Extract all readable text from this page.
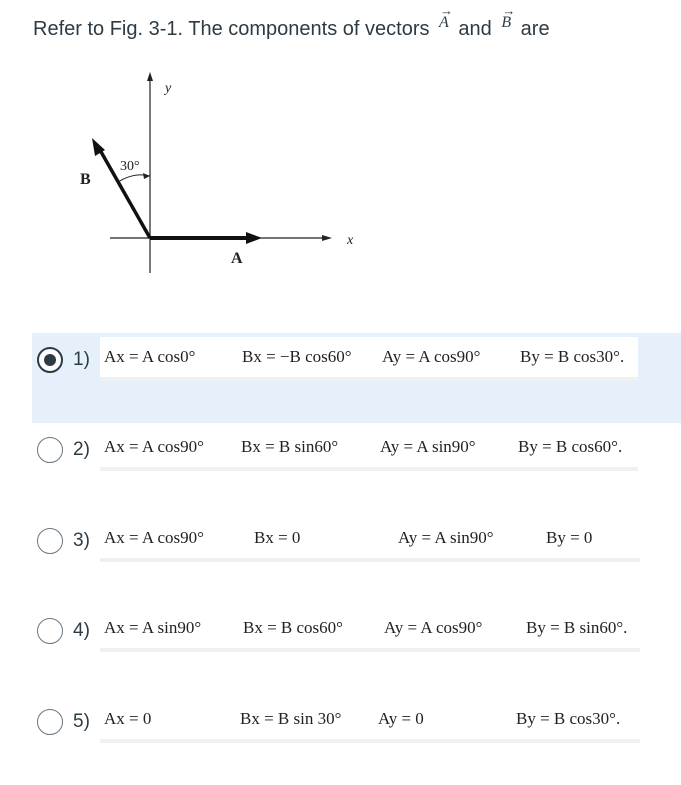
Refer to Fig. 3-1. The components of vectors
→
A and
→
B are
y
x
A
B
30°
1) Ax = A cos0°	Bx = −B cos60° Ay = A cos90° By = B cos30°.
2) Ax = A cos90° Bx = B sin60° Ay = A sin90° By = B cos60°.
3) Ax = A cos90°	Bx = 0	Ay = A sin90°	By = 0
4) Ax = A sin90° Bx = B cos60° Ay = A cos90°	By = B sin60°.
5) Ax = 0	Bx = B sin 30° Ay = 0	By = B cos30°.
